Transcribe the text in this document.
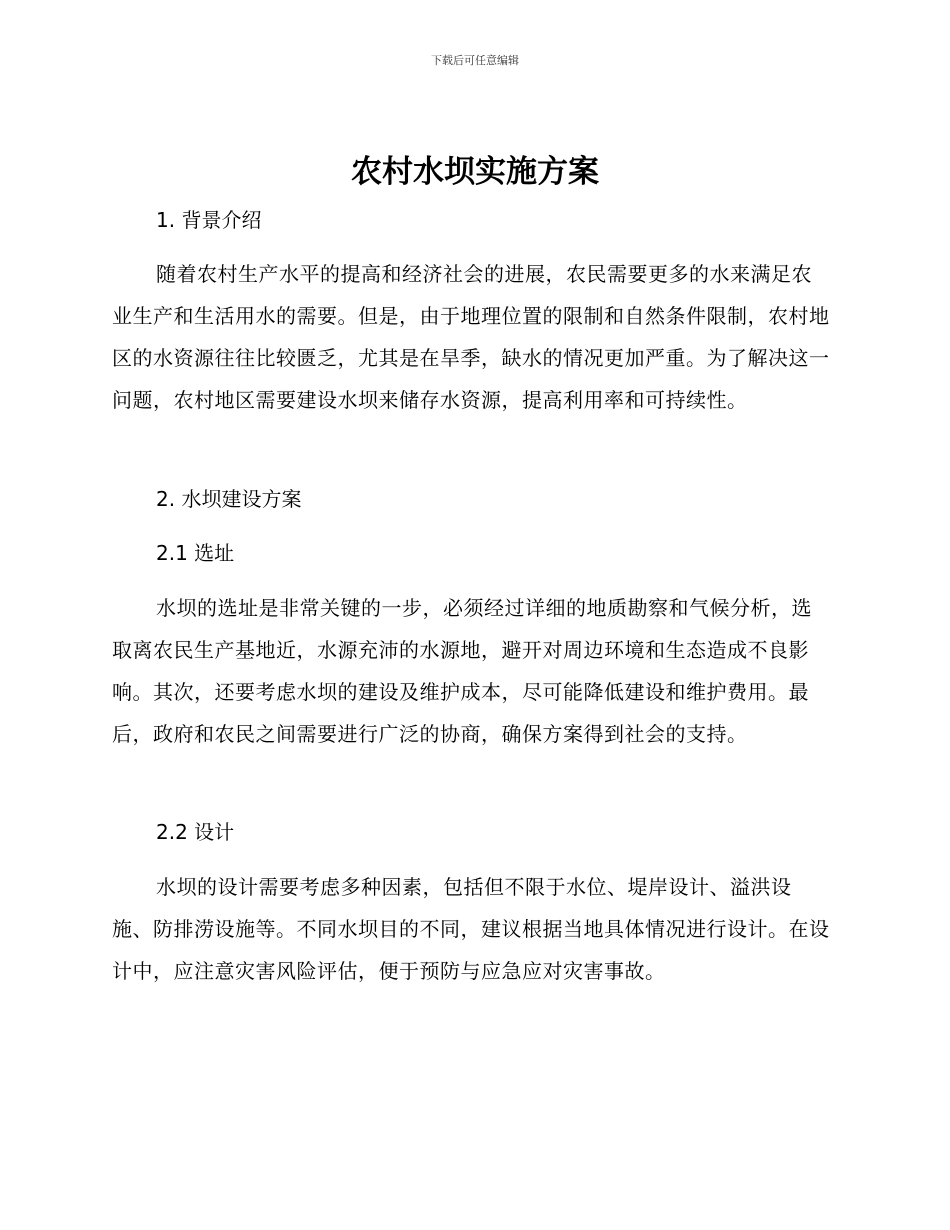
下载后可任意编辑
农村水坝实施方案
1. 背景介绍

随着农村生产水平的提高和经济社会的进展，农民需要更多的水来满足农业生产和生活用水的需要。但是，由于地理位置的限制和自然条件限制，农村地区的水资源往往比较匮乏，尤其是在旱季，缺水的情况更加严重。为了解决这一问题，农村地区需要建设水坝来储存水资源，提高利用率和可持续性。

2. 水坝建设方案
2.1 选址

水坝的选址是非常关键的一步，必须经过详细的地质勘察和气候分析，选取离农民生产基地近，水源充沛的水源地，避开对周边环境和生态造成不良影响。其次，还要考虑水坝的建设及维护成本，尽可能降低建设和维护费用。最后，政府和农民之间需要进行广泛的协商，确保方案得到社会的支持。

2.2 设计

水坝的设计需要考虑多种因素，包括但不限于水位、堤岸设计、溢洪设施、防排涝设施等。不同水坝目的不同，建议根据当地具体情况进行设计。在设计中，应注意灾害风险评估，便于预防与应急应对灾害事故。
